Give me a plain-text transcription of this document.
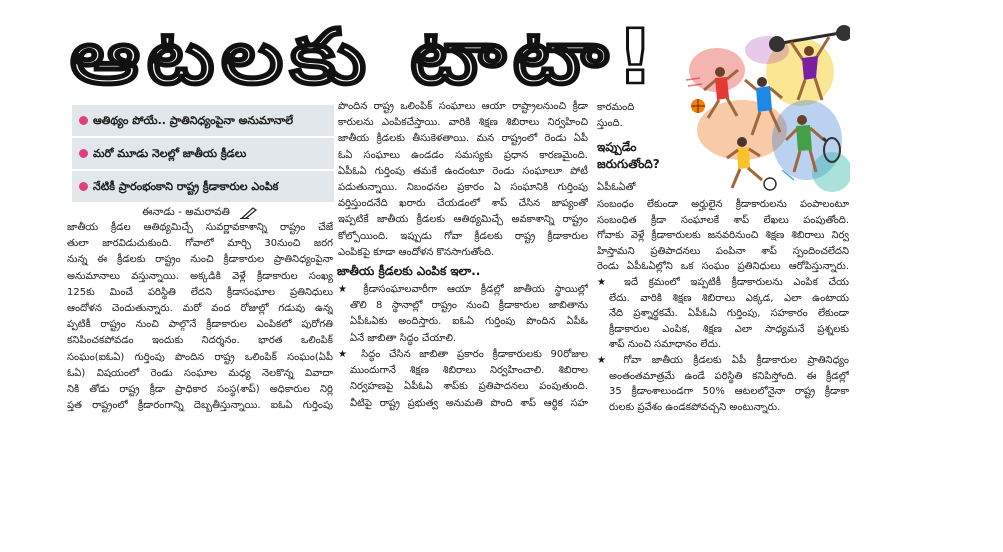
ఆటలకు టాటా!
ఆతిథ్యం పోయే.. ప్రాతినిధ్యంపైనా అనుమానాలే
మరో మూడు నెలల్లో జాతీయ క్రీడలు
నేటికీ ప్రారంభంకాని రాష్ట్ర క్రీడాకారుల ఎంపిక
ఈనాడు - అమరావతి
జాతీయ క్రీడల ఆతిథ్యమిచ్చే సువర్ణావకాశాన్ని రాష్ట్రం చేజే
తులా జారవిడుచుకుంది. గోవాలో మార్చి 30నుంచి జరగ
నున్న ఈ క్రీడలకు రాష్ట్రం నుంచి క్రీడాకారుల ప్రాతినిధ్యంపైనా
అనుమానాలు వస్తున్నాయి. అక్కడికి వెళ్లే క్రీడాకారుల సంఖ్య
125కు మించే పరిస్థితి లేదని క్రీడాసంఘాల ప్రతినిధులు
ఆందోళన చెందుతున్నారు. మరో వంద రోజుల్లో గడువు ఉన్న
ప్పటికీ రాష్ట్రం నుంచి పాల్గొనే క్రీడాకారుల ఎంపికలో పురోగతి
కనిపించకపోవడం ఇందుకు నిదర్శనం. భారత ఒలింపిక్
సంఘం(ఐఓఏ) గుర్తింపు పొందిన రాష్ట్ర ఒలింపిక్ సంఘం(ఏపీ
ఓఏ) విషయంలో రెండు సంఘాల మధ్య నెలకొన్న వివాదా
నికి తోడు రాష్ట్ర క్రీడా ప్రాధికార సంస్థ(శాప్) అధికారుల నిర్లి
ప్తత రాష్ట్రంలో క్రీడారంగాన్ని దెబ్బతీస్తున్నాయి. ఐఓఏ గుర్తింపు
పొందిన రాష్ట్ర ఒలింపిక్ సంఘాలు ఆయా రాష్ట్రాలనుంచి క్రీడా
కారులను ఎంపికచేస్తాయి. వారికి శిక్షణ శిబిరాలు నిర్వహించి
జాతీయ క్రీడలకు తీసుకెళతాయి. మన రాష్ట్రంలో రెండు ఏపీ
ఓఏ సంఘాలు ఉండడం సమస్యకు ప్రధాన కారణమైంది.
ఏపీఓఏ గుర్తింపు తమకే ఉందంటూ రెండు సంఘాలూ పోటీ
పడుతున్నాయి. నిబంధనల ప్రకారం ఏ సంఘానికి గుర్తింపు
వర్తిస్తుందనేది ఖరారు చేయడంలో శాప్ చేసిన జాప్యంతో
ఇప్పటికే జాతీయ క్రీడలకు ఆతిథ్యమిచ్చే అవకాశాన్ని రాష్ట్రం
కోల్పోయింది. ఇప్పుడు గోవా క్రీడలకు రాష్ట్ర క్రీడాకారుల
ఎంపికపై కూడా ఆందోళన కొనసాగుతోంది.
జాతీయ క్రీడలకు ఎంపిక ఇలా..
★ క్రీడాసంఘాలవారీగా ఆయా క్రీడల్లో జాతీయ స్థాయిల్లో
తొలి 8 స్థానాల్లో రాష్ట్రం నుంచి క్రీడాకారుల జాబితాను
ఏపీఓఏకు అందిస్తారు. ఐఓఏ గుర్తింపు పొందిన ఏపీఓ
ఏనే జాబితా సిద్ధం చేయాలి.
★ సిద్ధం చేసిన జాబితా ప్రకారం క్రీడాకారులకు 90రోజుల
ముందుగానే శిక్షణ శిబిరాలు నిర్వహించాలి. శిబిరాల
నిర్వహణపై ఏపీఓఏ శాప్‌కు ప్రతిపాదనలు పంపుతుంది.
వీటిపై రాష్ట్ర ప్రభుత్వ అనుమతి పొంది శాప్ ఆర్థిక సహ
కారమంది
స్తుంది.
ఇప్పుడేం
జరుగుతోంది?
ఏపీఓఏతో
సంబంధం లేకుండా అర్హులైన క్రీడాకారులను పంపాలంటూ
సంబంధిత క్రీడా సంఘాలకే శాప్ లేఖలు పంపుతోంది.
గోవాకు వెళ్లే క్రీడాకారులకు జనవరినుంచి శిక్షణ శిబిరాలు నిర్వ
హిస్తామని ప్రతిపాదనలు పంపినా శాప్ స్పందించలేదని
రెండు ఏపీఓఏల్లోని ఒక సంఘం ప్రతినిధులు ఆరోపిస్తున్నారు.
★ ఇదే క్రమంలో ఇప్పటికీ క్రీడాకారులను ఎంపిక చేయ
లేదు. వారికి శిక్షణ శిబిరాలు ఎక్కడ, ఎలా ఉంటాయ
నేది ప్రశ్నార్థకమే. ఏపీఓఏ గుర్తింపు, సహకారం లేకుండా
క్రీడాకారుల ఎంపిక, శిక్షణ ఎలా సాధ్యమనే ప్రశ్నలకు
శాప్ నుంచి సమాధానం లేదు.
★ గోవా జాతీయ క్రీడలకు ఏపీ క్రీడాకారుల ప్రాతినిధ్యం
అంతంతమాత్రమే ఉండే పరిస్థితి కనిపిస్తోంది. ఈ క్రీడల్లో
35 క్రీడాంశాలుండగా 50% ఆటలలోనైనా రాష్ట్ర క్రీడాకా
రులకు ప్రవేశం ఉండకపోవచ్చని అంటున్నారు.
